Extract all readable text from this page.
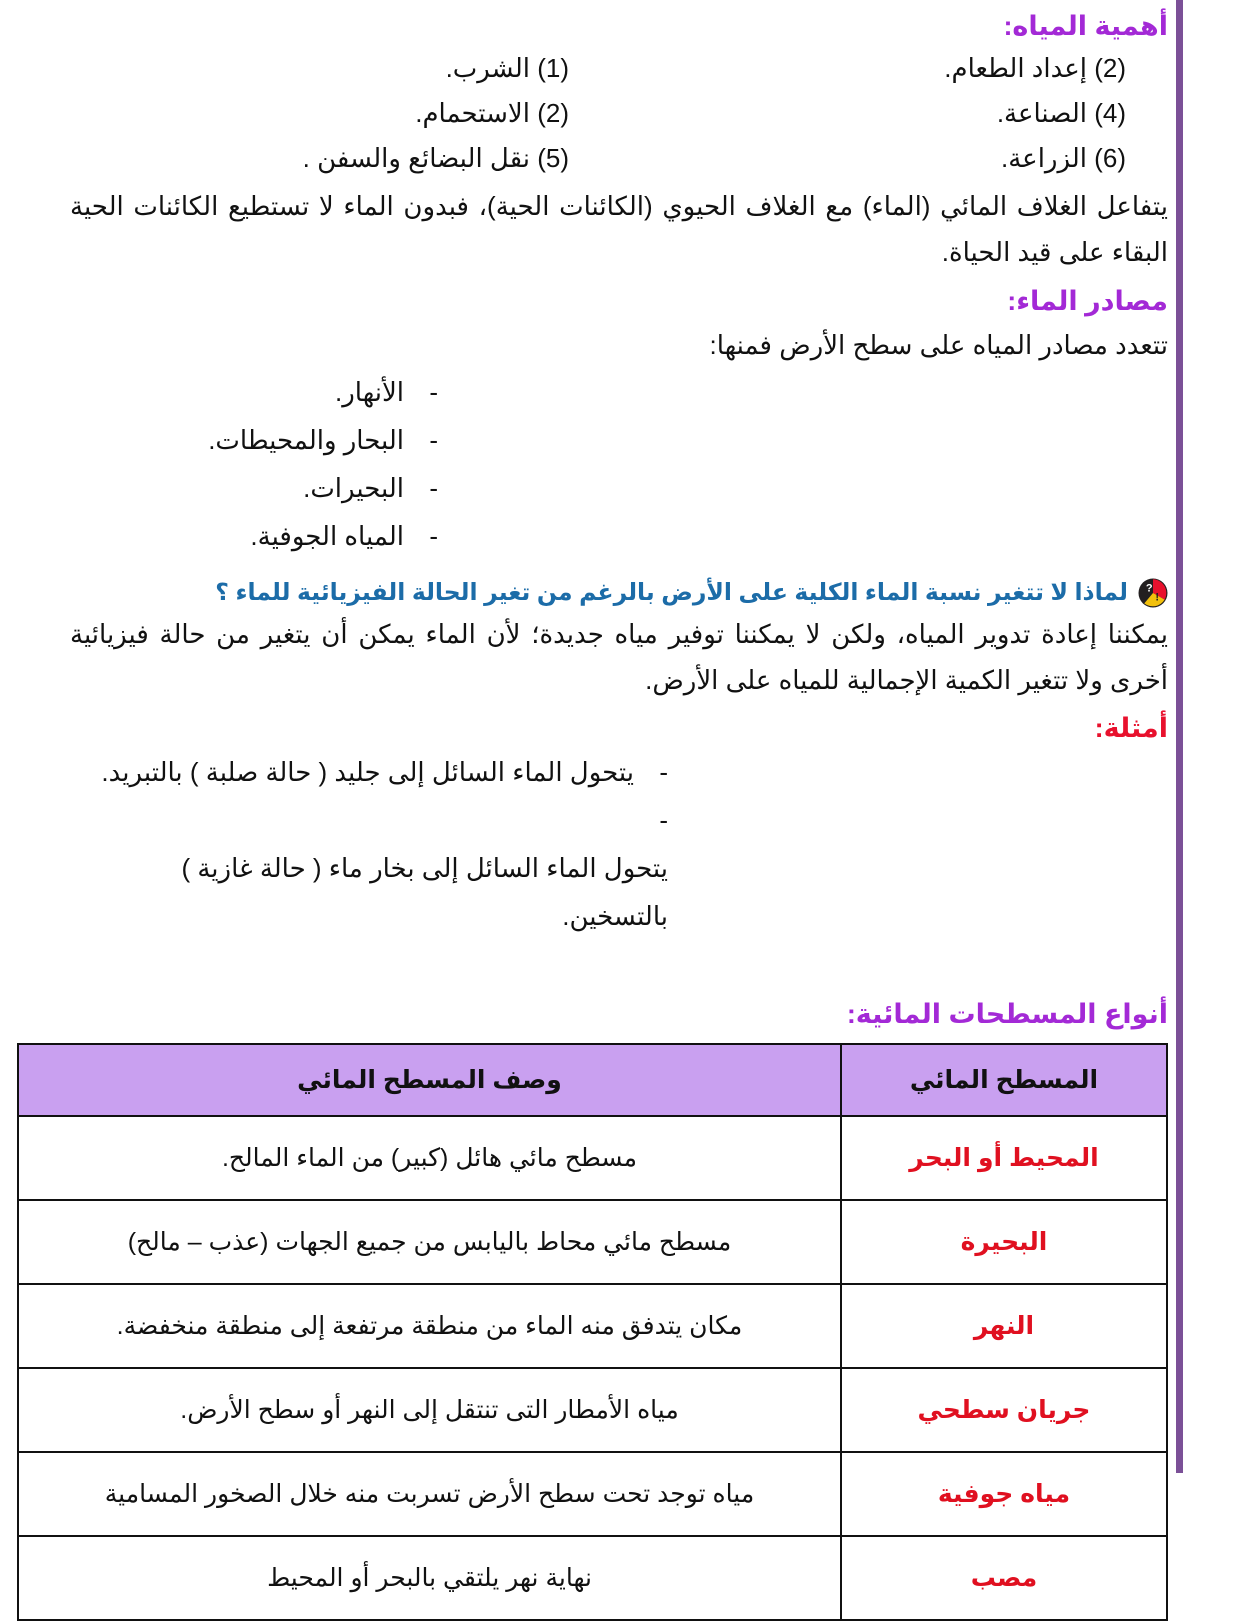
أهمية المياه:
(2) إعداد الطعام.
(1) الشرب.
(4) الصناعة.
(2) الاستحمام.
(6) الزراعة.
(5) نقل البضائع والسفن .
يتفاعل الغلاف المائي (الماء) مع الغلاف الحيوي (الكائنات الحية)، فبدون الماء لا تستطيع الكائنات الحية البقاء على قيد الحياة.
مصادر الماء:
تتعدد مصادر المياه على سطح الأرض فمنها:
-الأنهار.
-البحار والمحيطات.
-البحيرات.
-المياه الجوفية.
?
!
لماذا لا تتغير نسبة الماء الكلية على الأرض بالرغم من تغير الحالة الفيزيائية للماء ؟
يمكننا إعادة تدوير المياه، ولكن لا يمكننا توفير مياه جديدة؛ لأن الماء يمكن أن يتغير من حالة فيزيائية أخرى ولا تتغير الكمية الإجمالية للمياه على الأرض.
أمثلة:
-يتحول الماء السائل إلى جليد ( حالة صلبة ) بالتبريد.
-يتحول الماء السائل إلى بخار ماء ( حالة غازية ) بالتسخين.
أنواع المسطحات المائية:
المسطح المائي	وصف المسطح المائي
المحيط أو البحر	مسطح مائي هائل (كبير) من الماء المالح.
البحيرة	مسطح مائي محاط باليابس من جميع الجهات (عذب – مالح)
النهر	مكان يتدفق منه الماء من منطقة مرتفعة إلى منطقة منخفضة.
جريان سطحي	مياه الأمطار التى تنتقل إلى النهر أو سطح الأرض.
مياه جوفية	مياه توجد تحت سطح الأرض تسربت منه خلال الصخور المسامية
مصب	نهاية نهر يلتقي بالبحر أو المحيط
